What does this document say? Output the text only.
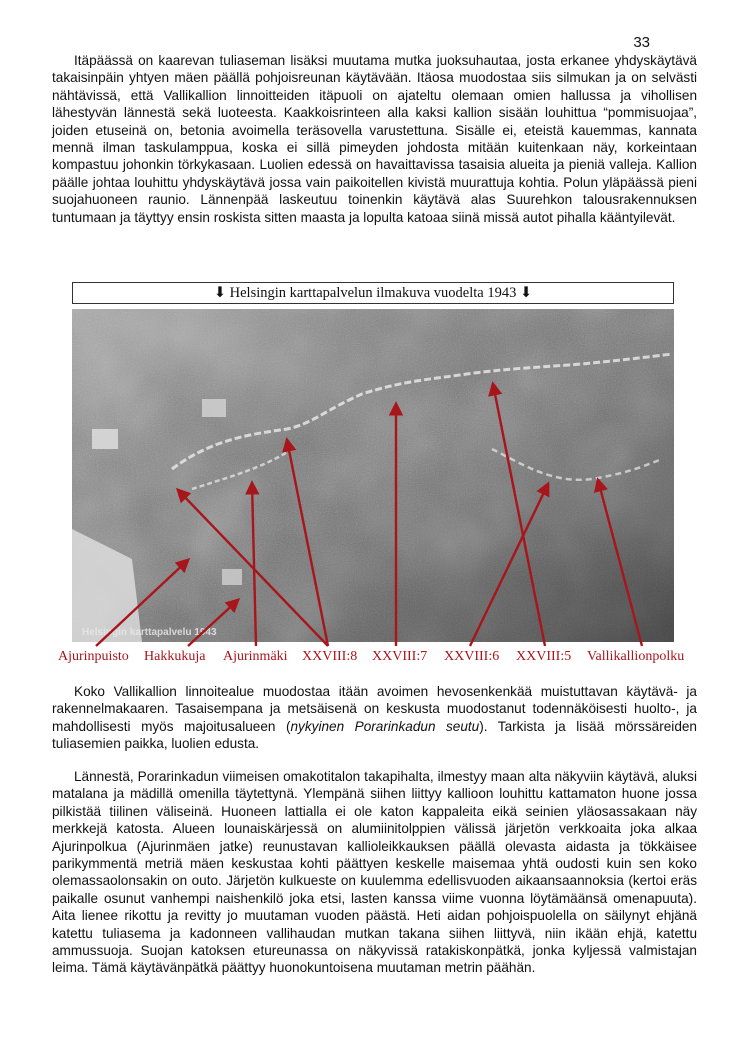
33

Itäpäässä on kaarevan tuliaseman lisäksi muutama mutka juoksuhautaa, josta erkanee yhdyskäytävä takaisinpäin yhtyen mäen päällä pohjoisreunan käytävään. Itäosa muodostaa siis silmukan ja on selvästi nähtävissä, että Vallikallion linnoitteiden itäpuoli on ajateltu olemaan omien hallussa ja vihollisen lähestyvän lännestä sekä luoteesta. Kaakkoisrinteen alla kaksi kallion sisään louhittua “pommisuojaa”, joiden etuseinä on, betonia avoimella teräsovella varustettuna. Sisälle ei, eteistä kauemmas, kannata mennä ilman taskulamppua, koska ei sillä pimeyden johdosta mitään kuitenkaan näy, korkeintaan kompastuu johonkin törkykasaan. Luolien edessä on havaittavissa tasaisia alueita ja pieniä valleja. Kallion päälle johtaa louhittu yhdyskäytävä jossa vain paikoitellen kivistä muurattuja kohtia. Polun yläpäässä pieni suojahuoneen raunio. Lännenpää laskeutuu toinenkin käytävä alas Suurehkon talousrakennuksen tuntumaan ja täyttyy ensin roskista sitten maasta ja lopulta katoaa siinä missä autot pihalla kääntyilevät.

⬇ Helsingin karttapalvelun ilmakuva vuodelta 1943 ⬇
Helsingin karttapalvelu 1943
Ajurinpuisto Hakkukuja Ajurinmäki XXVIII:8 XXVIII:7 XXVIII:6 XXVIII:5 Vallikallionpolku

Koko Vallikallion linnoitealue muodostaa itään avoimen hevosenkenkää muistuttavan käytävä- ja rakennelmakaaren. Tasaisempana ja metsäisenä on keskusta muodostanut todennäköisesti huolto-, ja mahdollisesti myös majoitusalueen (nykyinen Porarinkadun seutu). Tarkista ja lisää mörssäreiden tuliasemien paikka, luolien edusta.

Lännestä, Porarinkadun viimeisen omakotitalon takapihalta, ilmestyy maan alta näkyviin käytävä, aluksi matalana ja mädillä omenilla täytettynä. Ylempänä siihen liittyy kallioon louhittu kattamaton huone jossa pilkistää tiilinen väliseinä. Huoneen lattialla ei ole katon kappaleita eikä seinien yläosassakaan näy merkkejä katosta. Alueen lounaiskärjessä on alumiinitolppien välissä järjetön verkkoaita joka alkaa Ajurinpolkua (Ajurinmäen jatke) reunustavan kallioleikkauksen päällä olevasta aidasta ja tökkäisee parikymmentä metriä mäen keskustaa kohti päättyen keskelle maisemaa yhtä oudosti kuin sen koko olemassaolonsakin on outo. Järjetön kulkueste on kuulemma edellisvuoden aikaansaannoksia (kertoi eräs paikalle osunut vanhempi naishenkilö joka etsi, lasten kanssa viime vuonna löytämäänsä omenapuuta). Aita lienee rikottu ja revitty jo muutaman vuoden päästä. Heti aidan pohjoispuolella on säilynyt ehjänä katettu tuliasema ja kadonneen vallihaudan mutkan takana siihen liittyvä, niin ikään ehjä, katettu ammussuoja. Suojan katoksen etureunassa on näkyvissä ratakiskonpätkä, jonka kyljessä valmistajan leima. Tämä käytävänpätkä päättyy huonokuntoisena muutaman metrin päähän.
